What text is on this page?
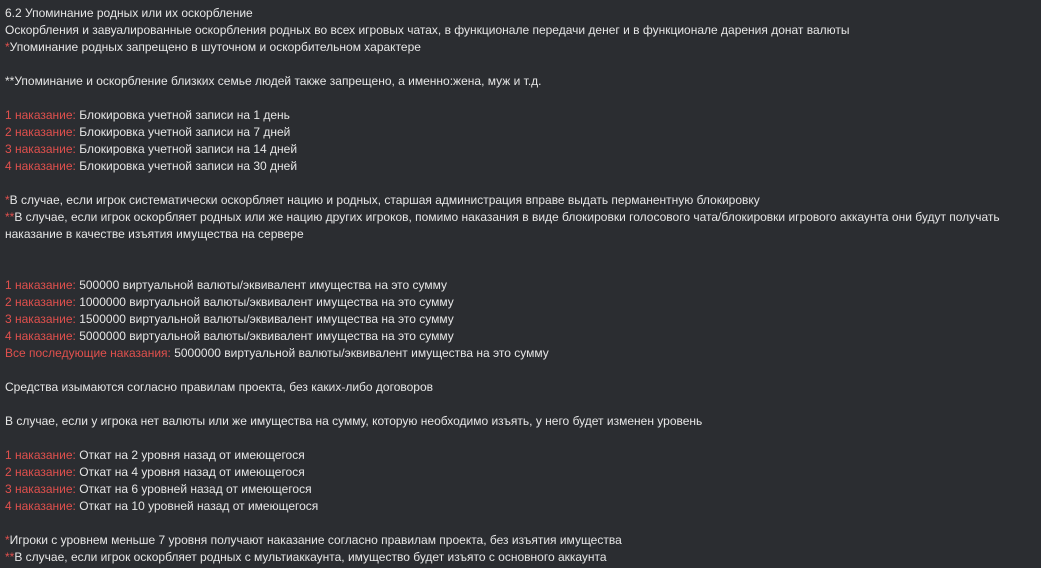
6.2 Упоминание родных или их оскорбление
Оскорбления и завуалированные оскорбления родных во всех игровых чатах, в функционале передачи денег и в функционале дарения донат валюты
*Упоминание родных запрещено в шуточном и оскорбительном характере
**Упоминание и оскорбление близких семье людей также запрещено, а именно:жена, муж и т.д.
1 наказание: Блокировка учетной записи на 1 день
2 наказание: Блокировка учетной записи на 7 дней
3 наказание: Блокировка учетной записи на 14 дней
4 наказание: Блокировка учетной записи на 30 дней
*В случае, если игрок систематически оскорбляет нацию и родных, старшая администрация вправе выдать перманентную блокировку
**В случае, если игрок оскорбляет родных или же нацию других игроков, помимо наказания в виде блокировки голосового чата/блокировки игрового аккаунта они будут получать наказание в качестве изъятия имущества на сервере
1 наказание: 500000 виртуальной валюты/эквивалент имущества на это сумму
2 наказание: 1000000 виртуальной валюты/эквивалент имущества на это сумму
3 наказание: 1500000 виртуальной валюты/эквивалент имущества на это сумму
4 наказание: 5000000 виртуальной валюты/эквивалент имущества на это сумму
Все последующие наказания: 5000000 виртуальной валюты/эквивалент имущества на это сумму
Средства изымаются согласно правилам проекта, без каких-либо договоров
В случае, если у игрока нет валюты или же имущества на сумму, которую необходимо изъять, у него будет изменен уровень
1 наказание: Откат на 2 уровня назад от имеющегося
2 наказание: Откат на 4 уровня назад от имеющегося
3 наказание: Откат на 6 уровней назад от имеющегося
4 наказание: Откат на 10 уровней назад от имеющегося
*Игроки с уровнем меньше 7 уровня получают наказание согласно правилам проекта, без изъятия имущества
**В случае, если игрок оскорбляет родных с мультиаккаунта, имущество будет изъято с основного аккаунта
